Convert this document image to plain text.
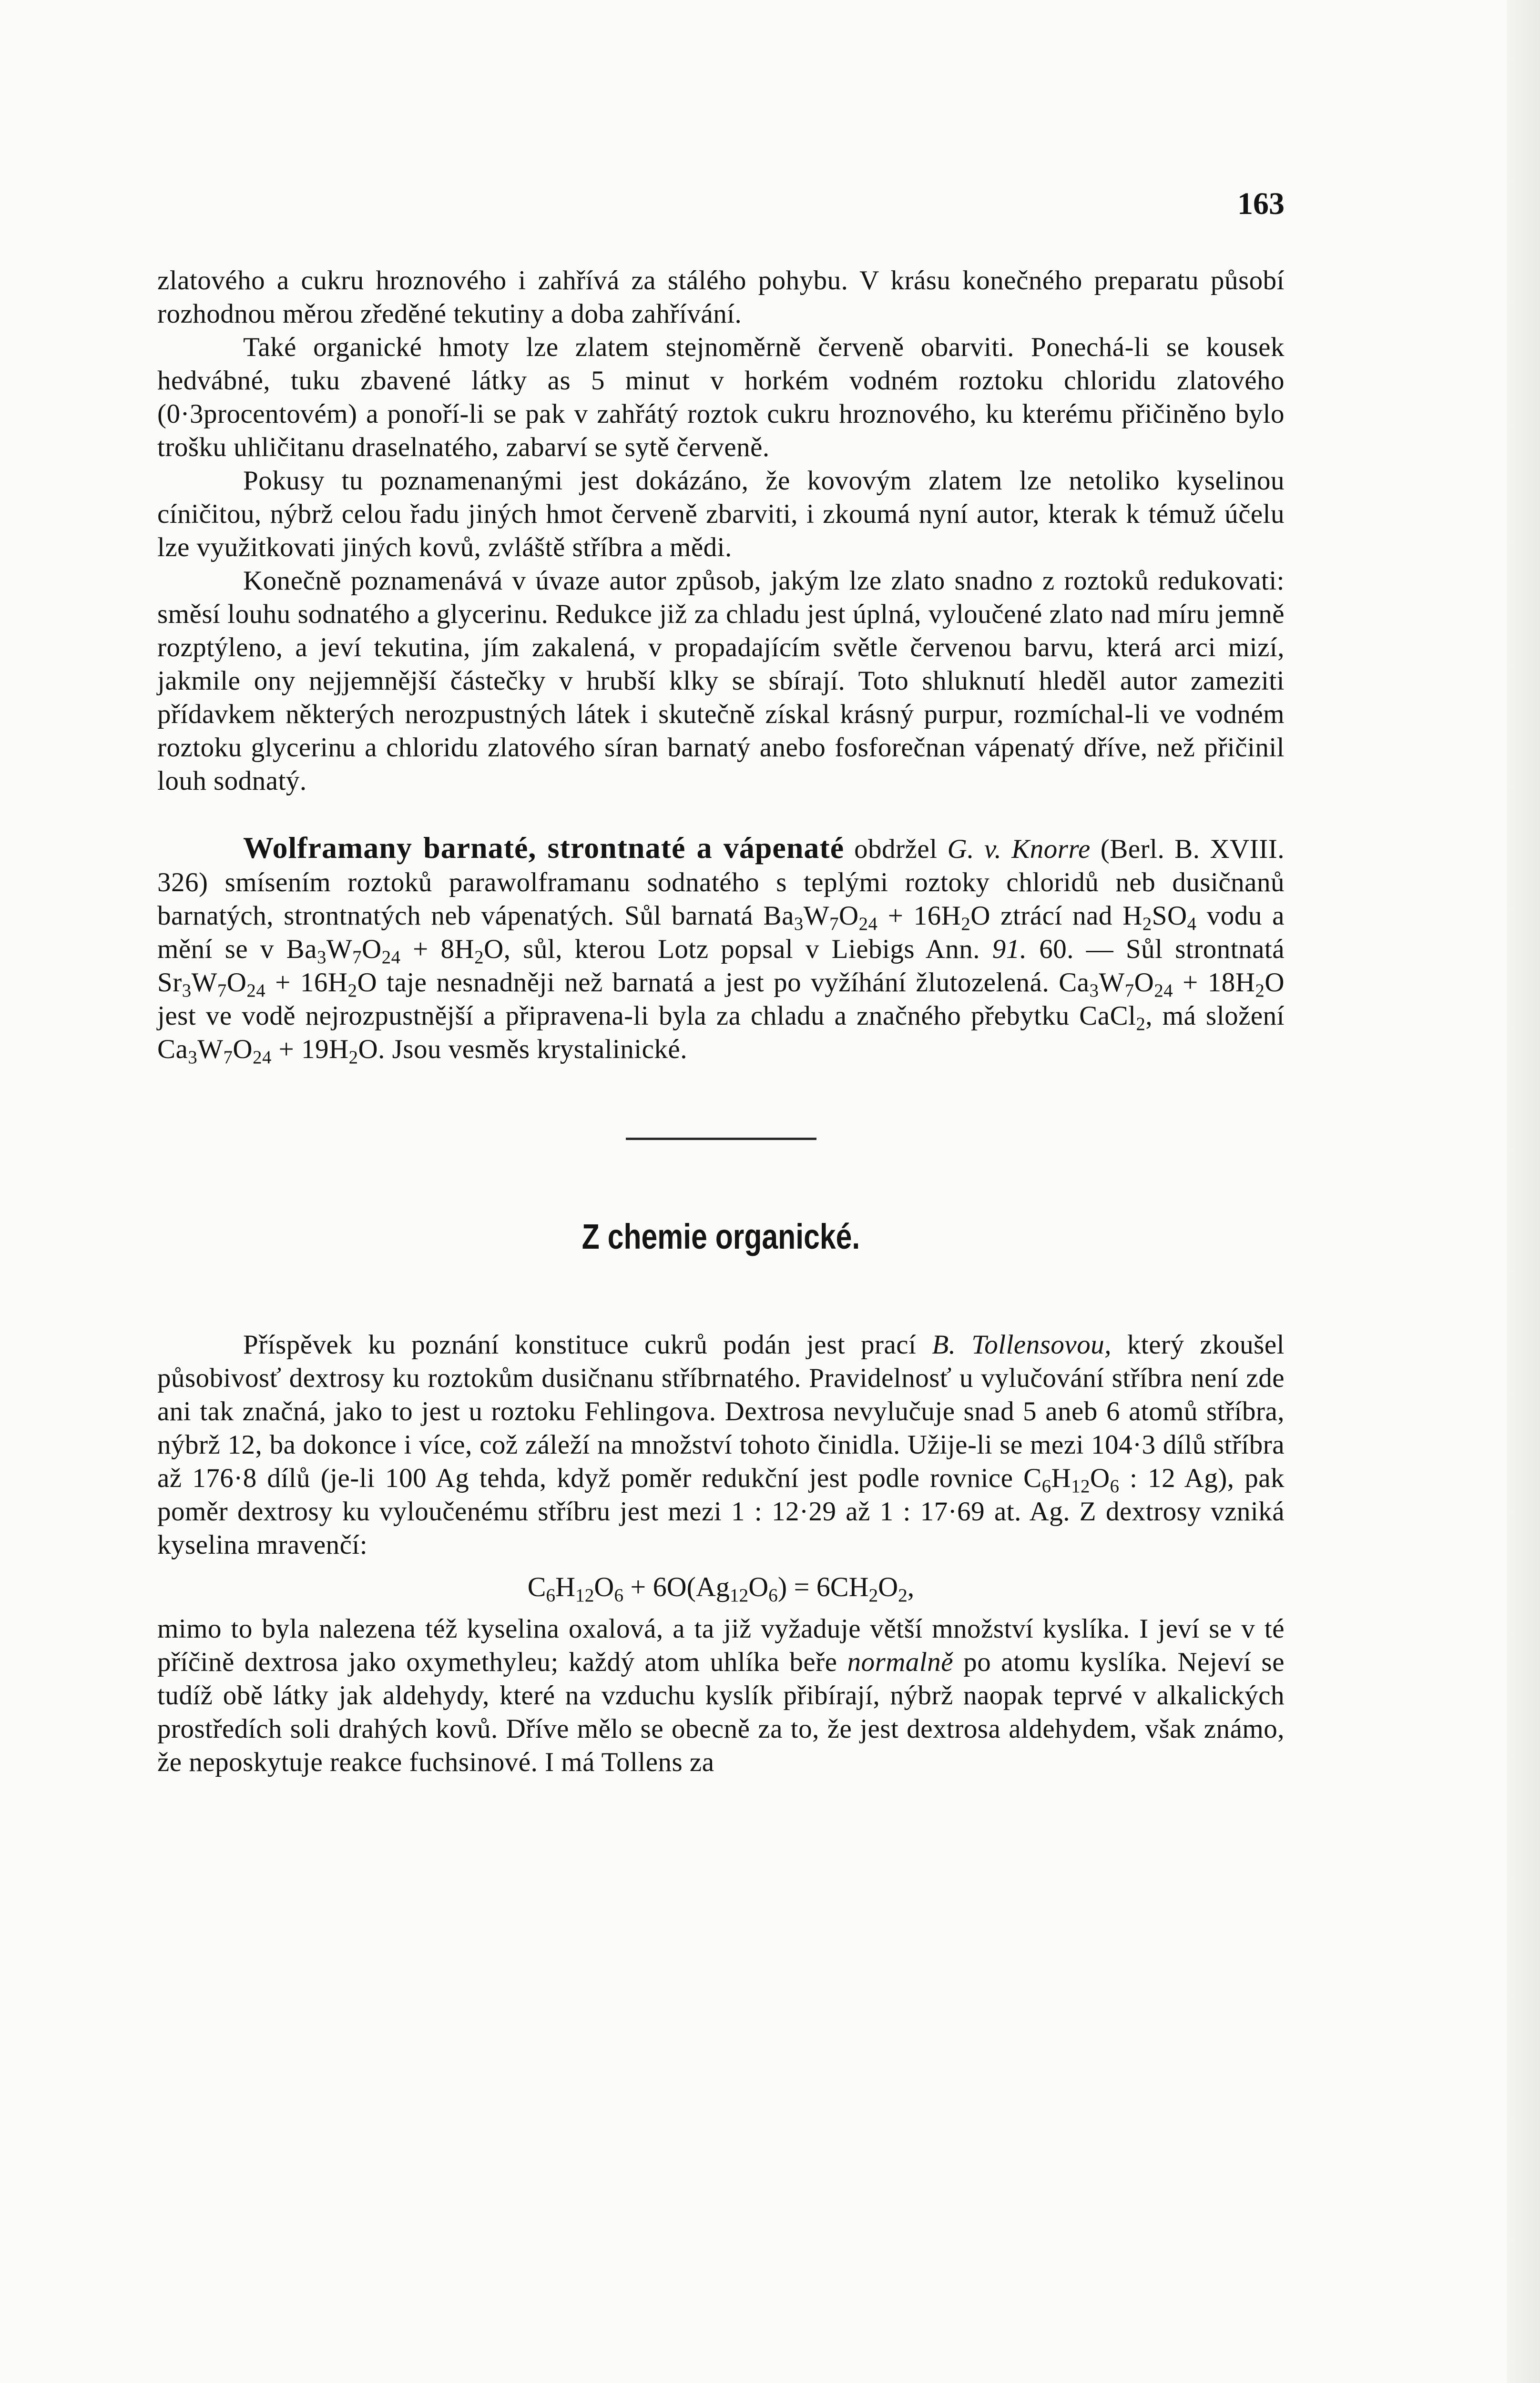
163

zlatového a cukru hroznového i zahřívá za stálého pohybu. V krásu konečného preparatu působí rozhodnou měrou zředěné tekutiny a doba zahřívání.

Také organické hmoty lze zlatem stejnoměrně červeně obarviti. Ponechá-li se kousek hedvábné, tuku zbavené látky as 5 minut v horkém vodném roztoku chloridu zlatového (0·3procentovém) a ponoří-li se pak v zahřátý roztok cukru hroznového, ku kterému přičiněno bylo trošku uhličitanu draselnatého, zabarví se sytě červeně.

Pokusy tu poznamenanými jest dokázáno, že kovovým zlatem lze netoliko kyselinou cíničitou, nýbrž celou řadu jiných hmot červeně zbarviti, i zkoumá nyní autor, kterak k témuž účelu lze využitkovati jiných kovů, zvláště stříbra a mědi.

Konečně poznamenává v úvaze autor způsob, jakým lze zlato snadno z roztoků redukovati: směsí louhu sodnatého a glycerinu. Redukce již za chladu jest úplná, vyloučené zlato nad míru jemně rozptýleno, a jeví tekutina, jím zakalená, v propadajícím světle červenou barvu, která arci mizí, jakmile ony nejjemnější částečky v hrubší klky se sbírají. Toto shluknutí hleděl autor zameziti přídavkem některých nerozpustných látek i skutečně získal krásný purpur, rozmíchal-li ve vodném roztoku glycerinu a chloridu zlatového síran barnatý anebo fosforečnan vápenatý dříve, než přičinil louh sodnatý.

Wolframany barnaté, strontnaté a vápenaté obdržel G. v. Knorre (Berl. B. XVIII. 326) smísením roztoků parawolframanu sodnatého s teplými roztoky chloridů neb dusičnanů barnatých, strontnatých neb vápenatých. Sůl barnatá $Ba_3W_7O_{24} + 16H_2O$ ztrácí nad $H_2SO_4$ vodu a mění se v $Ba_3W_7O_{24} + 8H_2O$, sůl, kterou Lotz popsal v Liebigs Ann. 91. 60. — Sůl strontnatá $Sr_3W_7O_{24} + 16H_2O$ taje nesnadněji než barnatá a jest po vyžíhání žlutozelená. $Ca_3W_7O_{24} + 18H_2O$ jest ve vodě nejrozpustnější a připravena-li byla za chladu a značného přebytku CaCl$_2$, má složení $Ca_3W_7O_{24} + 19H_2O$. Jsou vesměs krystalinické.

Z chemie organické.

Příspěvek ku poznání konstituce cukrů podán jest prací B. Tollensovou, který zkoušel působivosť dextrosy ku roztokům dusičnanu stříbrnatého. Pravidelnosť u vylučování stříbra není zde ani tak značná, jako to jest u roztoku Fehlingova. Dextrosa nevylučuje snad 5 aneb 6 atomů stříbra, nýbrž 12, ba dokonce i více, což záleží na množství tohoto činidla. Užije-li se mezi 104·3 dílů stříbra až 176·8 dílů (je-li 100 Ag tehda, když poměr redukční jest podle rovnice $C_6H_{12}O_6$ : 12 Ag), pak poměr dextrosy ku vyloučenému stříbru jest mezi 1 : 12·29 až 1 : 17·69 at. Ag. Z dextrosy vzniká kyselina mravenčí:

$C_6H_{12}O_6 + 6O(Ag_{12}O_6) = 6CH_2O_2$,

mimo to byla nalezena též kyselina oxalová, a ta již vyžaduje větší množství kyslíka. I jeví se v té příčině dextrosa jako oxymethyleu; každý atom uhlíka beře normalně po atomu kyslíka. Nejeví se tudíž obě látky jak aldehydy, které na vzduchu kyslík přibírají, nýbrž naopak teprvé v alkalických prostředích soli drahých kovů. Dříve mělo se obecně za to, že jest dextrosa aldehydem, však známo, že neposkytuje reakce fuchsinové. I má Tollens za
